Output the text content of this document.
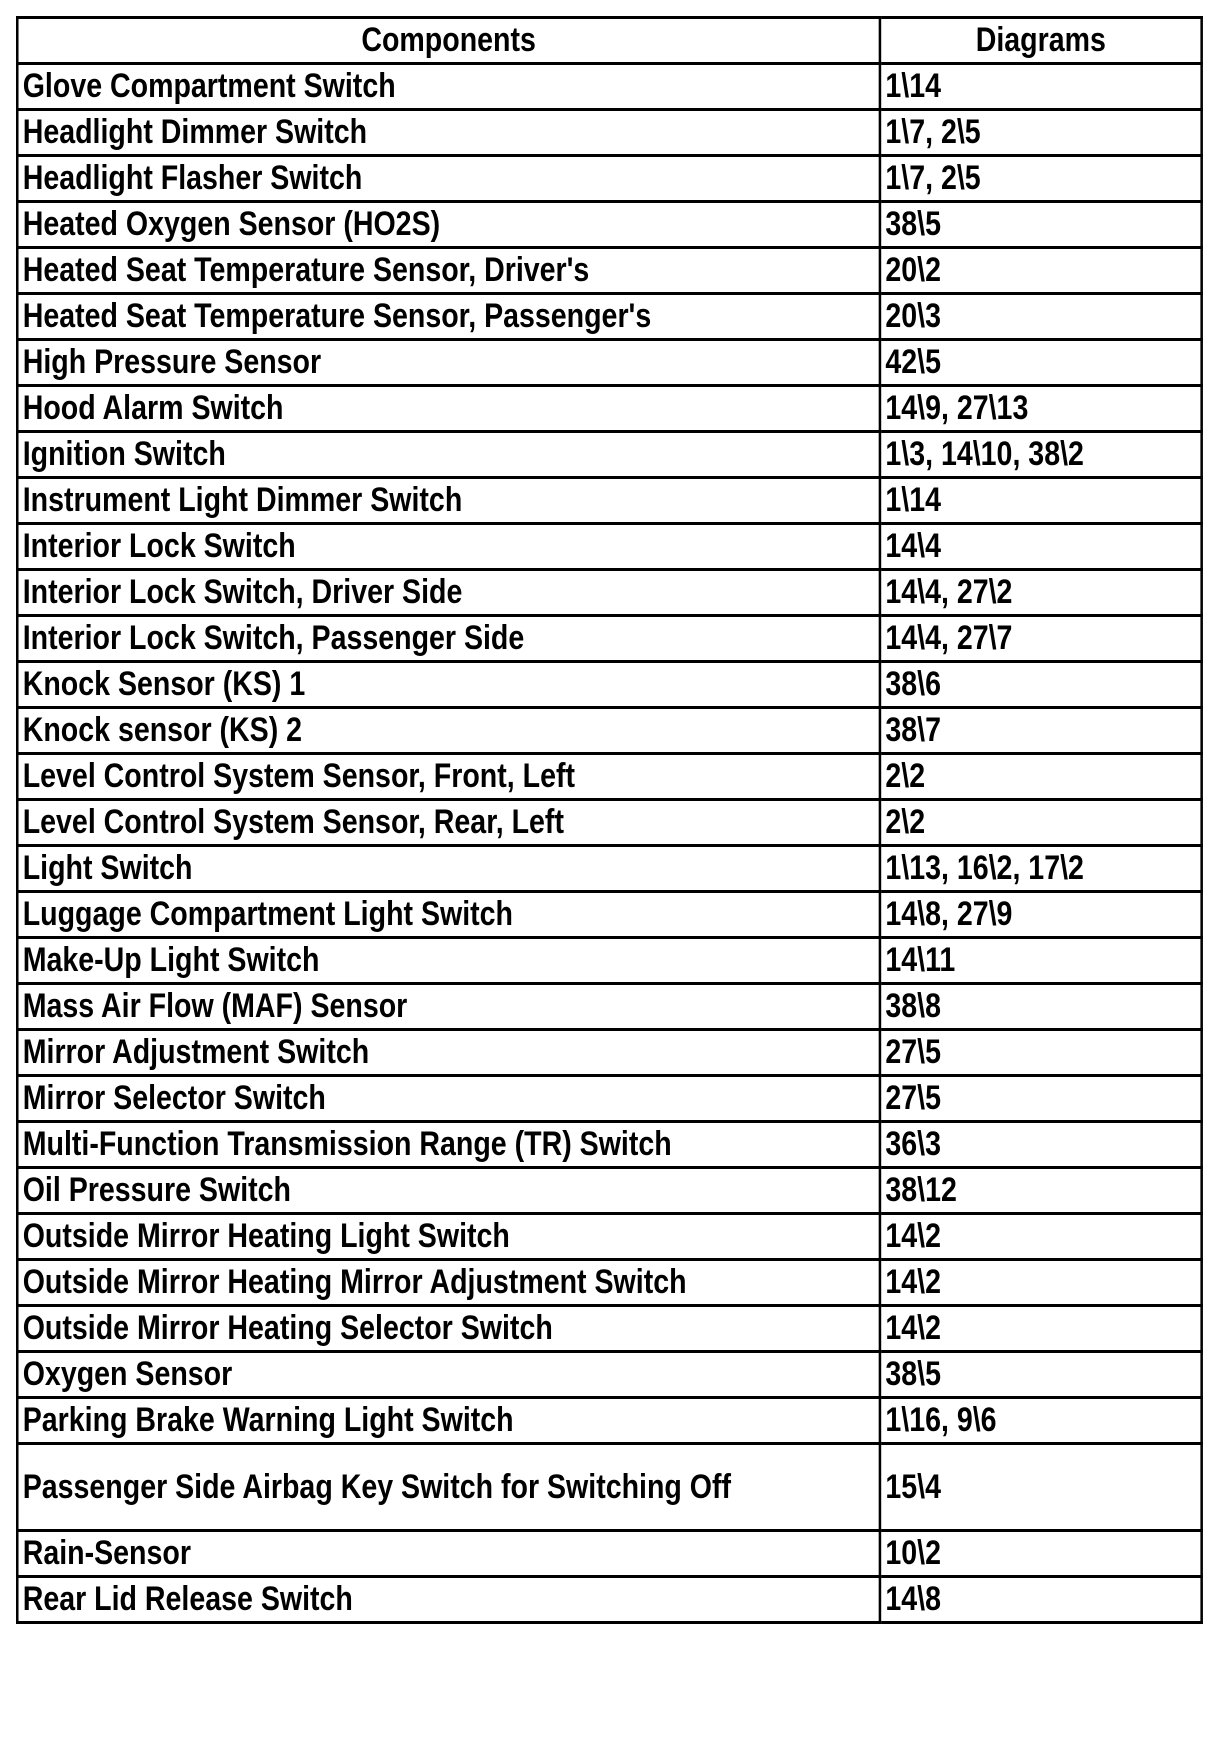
Components	Diagrams
Glove Compartment Switch	1\14
Headlight Dimmer Switch	1\7, 2\5
Headlight Flasher Switch	1\7, 2\5
Heated Oxygen Sensor (HO2S)	38\5
Heated Seat Temperature Sensor, Driver's	20\2
Heated Seat Temperature Sensor, Passenger's	20\3
High Pressure Sensor	42\5
Hood Alarm Switch	14\9, 27\13
Ignition Switch	1\3, 14\10, 38\2
Instrument Light Dimmer Switch	1\14
Interior Lock Switch	14\4
Interior Lock Switch, Driver Side	14\4, 27\2
Interior Lock Switch, Passenger Side	14\4, 27\7
Knock Sensor (KS) 1	38\6
Knock sensor (KS) 2	38\7
Level Control System Sensor, Front, Left	2\2
Level Control System Sensor, Rear, Left	2\2
Light Switch	1\13, 16\2, 17\2
Luggage Compartment Light Switch	14\8, 27\9
Make-Up Light Switch	14\11
Mass Air Flow (MAF) Sensor	38\8
Mirror Adjustment Switch	27\5
Mirror Selector Switch	27\5
Multi-Function Transmission Range (TR) Switch	36\3
Oil Pressure Switch	38\12
Outside Mirror Heating Light Switch	14\2
Outside Mirror Heating Mirror Adjustment Switch	14\2
Outside Mirror Heating Selector Switch	14\2
Oxygen Sensor	38\5
Parking Brake Warning Light Switch	1\16, 9\6
Passenger Side Airbag Key Switch for Switching Off	15\4
Rain-Sensor	10\2
Rear Lid Release Switch	14\8
